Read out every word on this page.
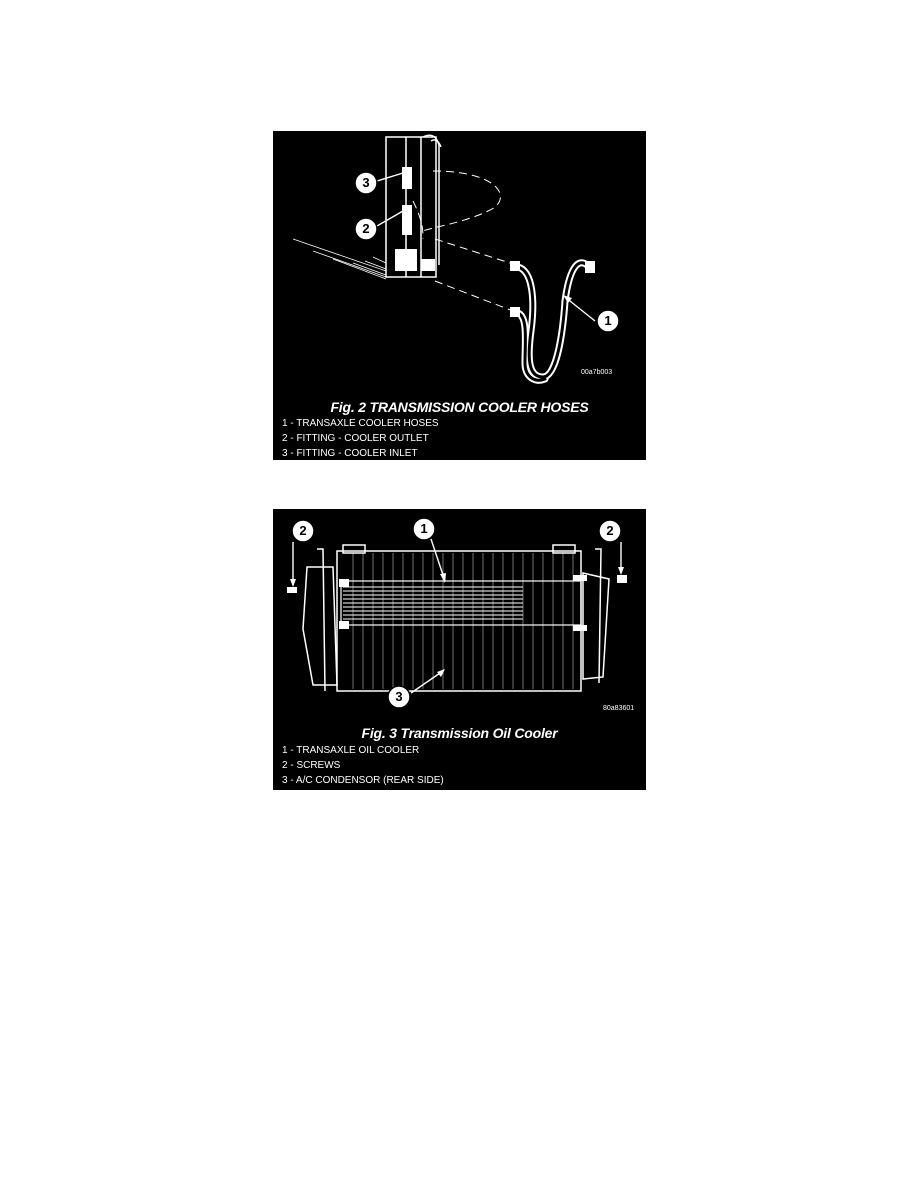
3
2
1
00a7b003
Fig. 2 TRANSMISSION COOLER HOSES
1 - TRANSAXLE COOLER HOSES
2 - FITTING - COOLER OUTLET
3 - FITTING - COOLER INLET
1
2	2
3
80a83601
Fig. 3 Transmission Oil Cooler
1 - TRANSAXLE OIL COOLER
2 - SCREWS
3 - A/C CONDENSOR (REAR SIDE)
